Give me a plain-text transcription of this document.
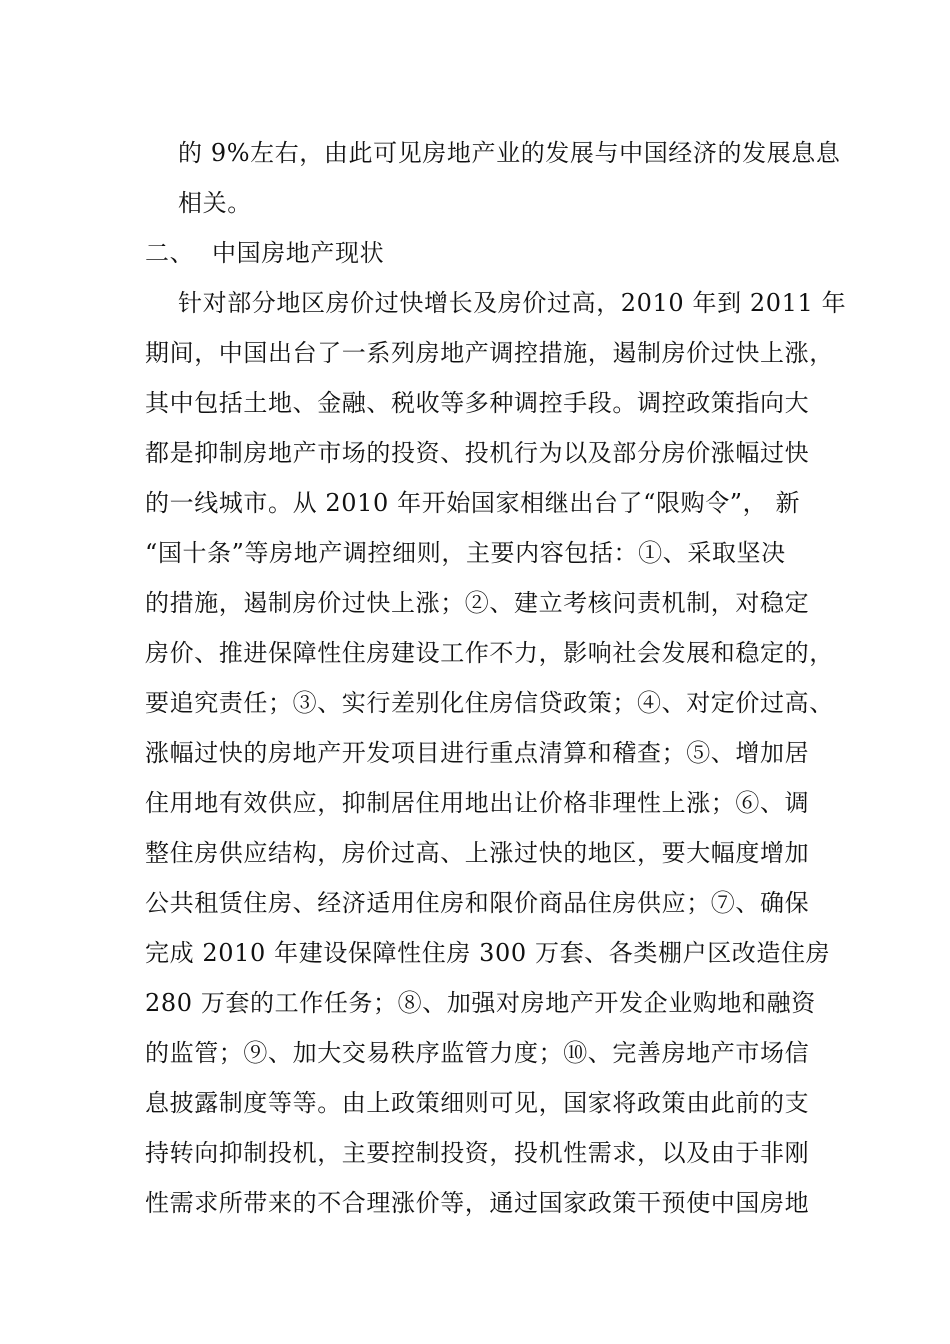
的 9%左右，由此可见房地产业的发展与中国经济的发展息息
相关。
二、 中国房地产现状
针对部分地区房价过快增长及房价过高，2010 年到 2011 年
期间，中国出台了一系列房地产调控措施，遏制房价过快上涨，
其中包括土地、金融、税收等多种调控手段。调控政策指向大
都是抑制房地产市场的投资、投机行为以及部分房价涨幅过快
的一线城市。从 2010 年开始国家相继出台了“限购令”， 新
“国十条”等房地产调控细则，主要内容包括：①、采取坚决
的措施，遏制房价过快上涨；②、建立考核问责机制，对稳定
房价、推进保障性住房建设工作不力，影响社会发展和稳定的，
要追究责任；③、实行差别化住房信贷政策；④、对定价过高、
涨幅过快的房地产开发项目进行重点清算和稽查；⑤、增加居
住用地有效供应，抑制居住用地出让价格非理性上涨；⑥、调
整住房供应结构，房价过高、上涨过快的地区，要大幅度增加
公共租赁住房、经济适用住房和限价商品住房供应；⑦、确保
完成 2010 年建设保障性住房 300 万套、各类棚户区改造住房
280 万套的工作任务；⑧、加强对房地产开发企业购地和融资
的监管；⑨、加大交易秩序监管力度；⑩、完善房地产市场信
息披露制度等等。由上政策细则可见，国家将政策由此前的支
持转向抑制投机，主要控制投资，投机性需求，以及由于非刚
性需求所带来的不合理涨价等，通过国家政策干预使中国房地
